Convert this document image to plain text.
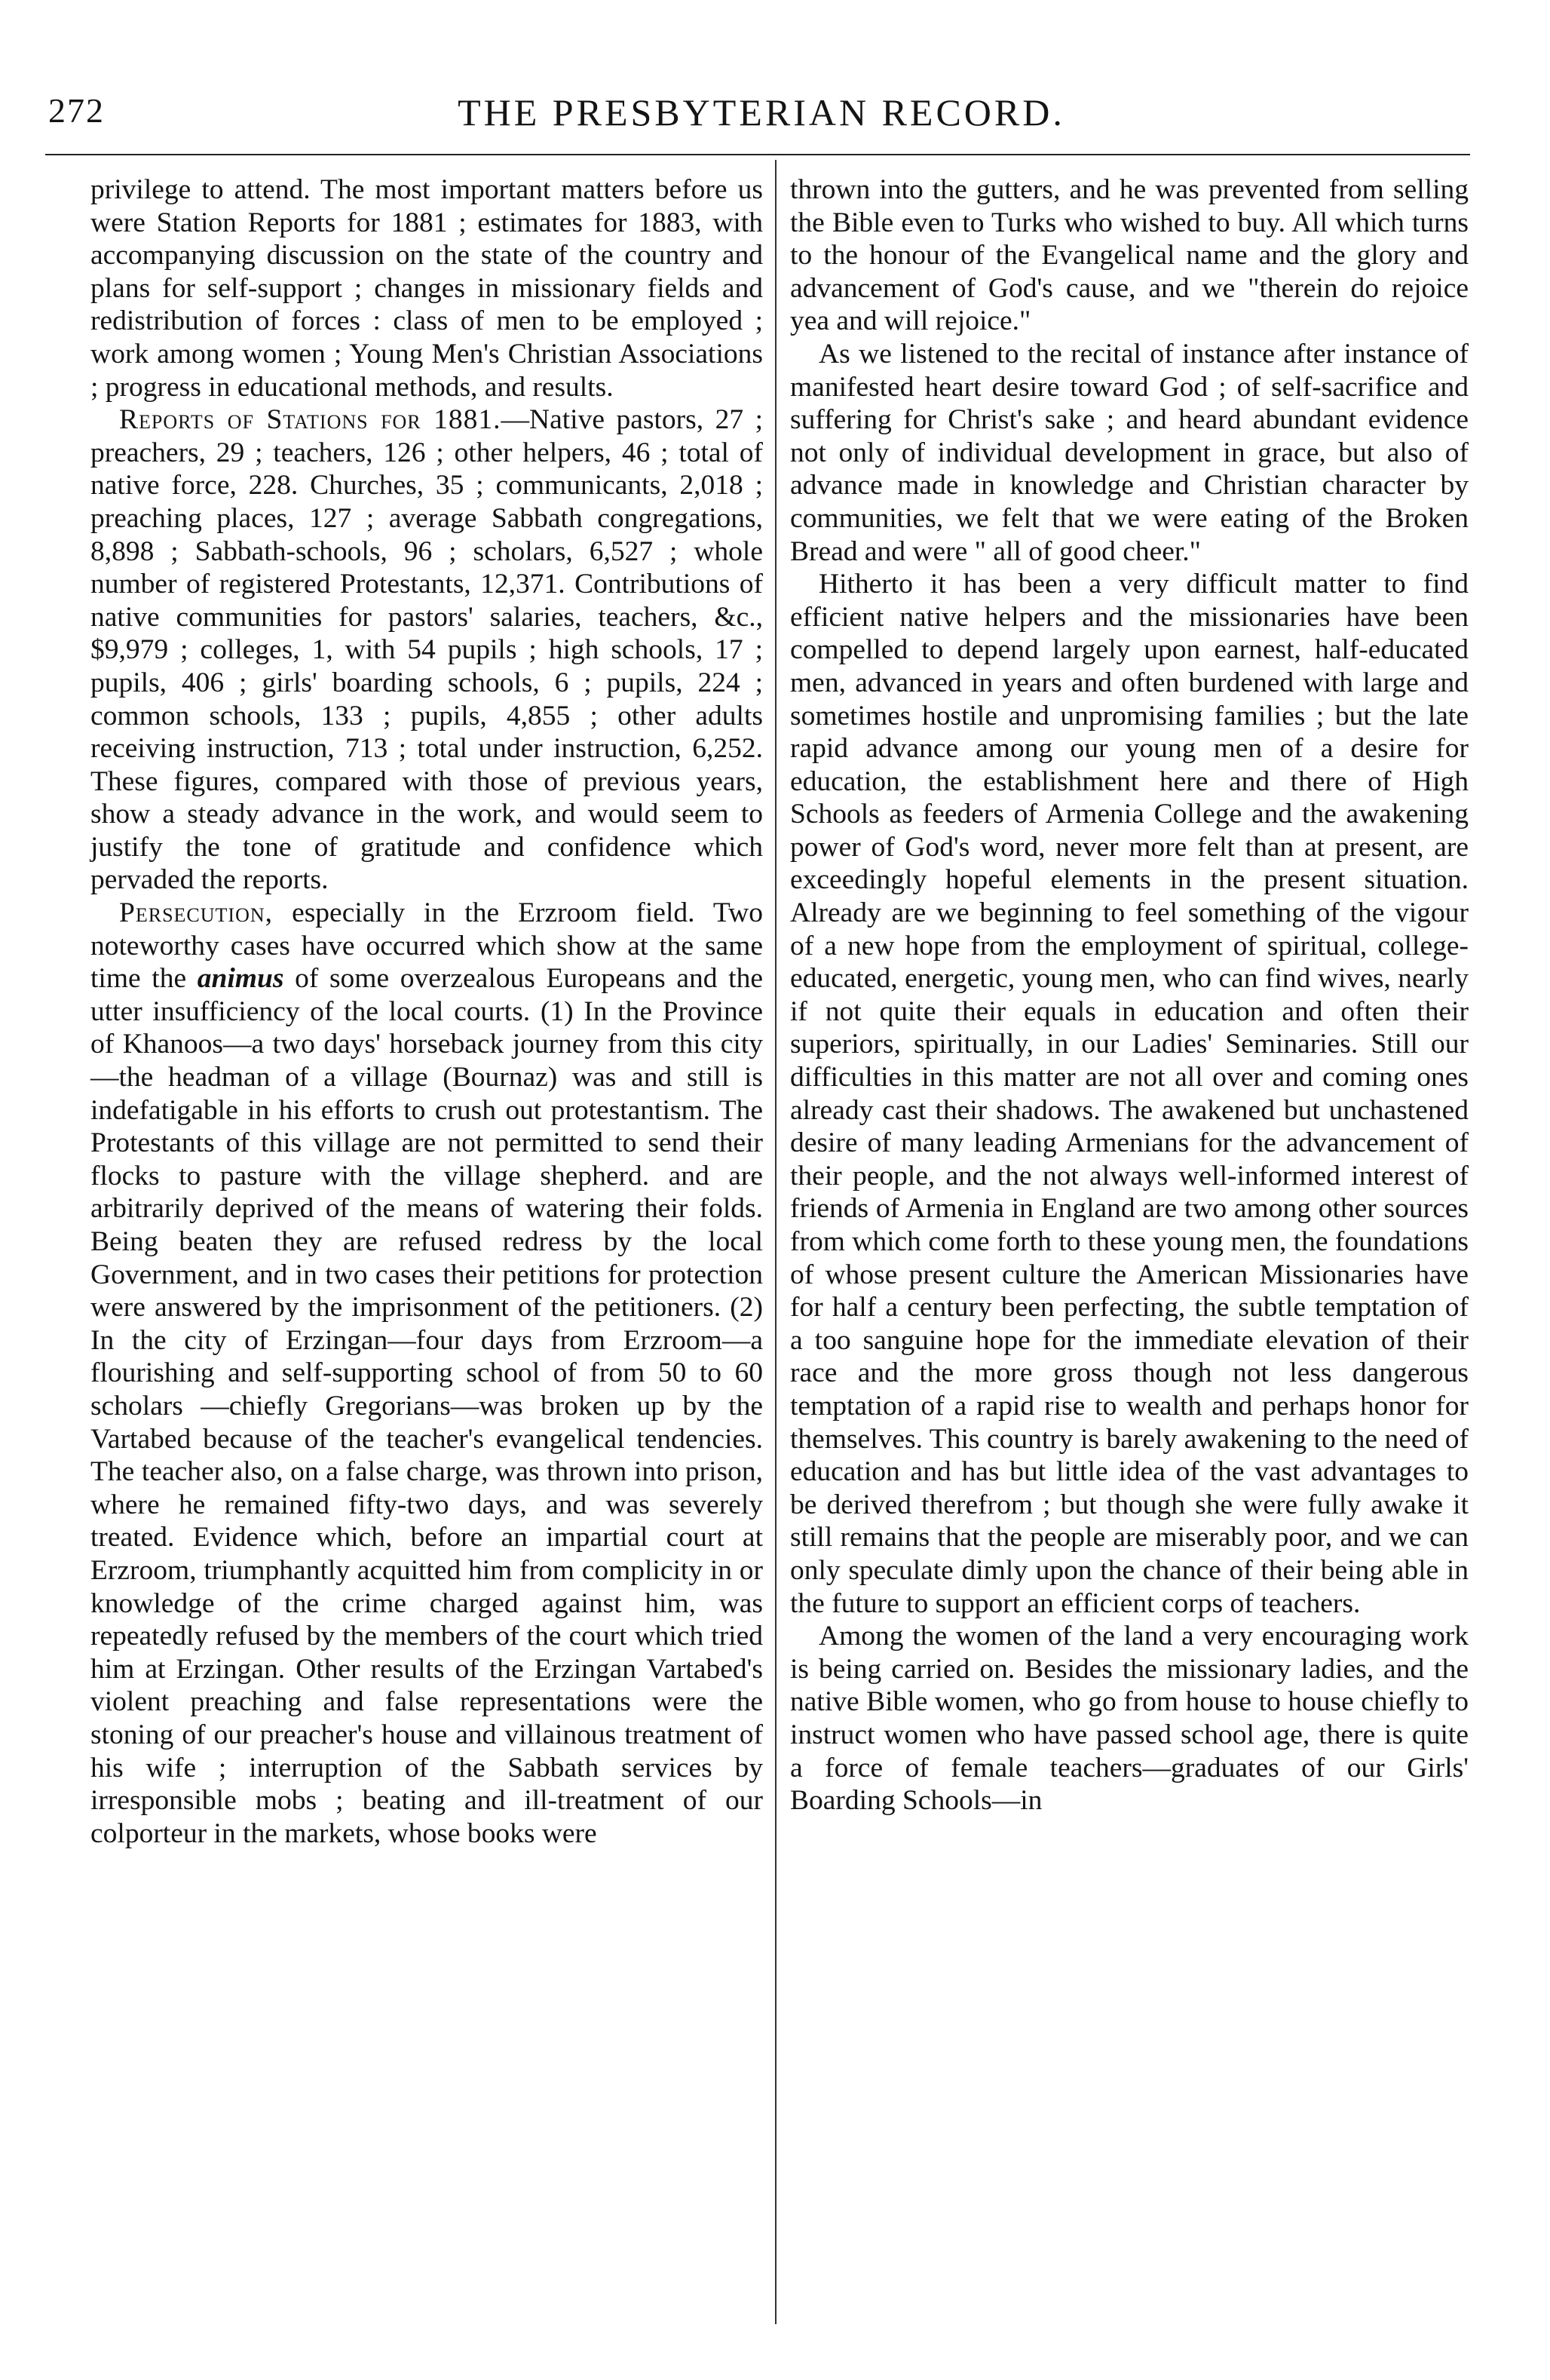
272	THE PRESBYTERIAN RECORD.

privilege to attend. The most important matters before us were Station Reports for 1881 ; estimates for 1883, with accompanying discussion on the state of the country and plans for self-support ; changes in missionary fields and redistribution of forces : class of men to be employed ; work among women ; Young Men's Christian Associations ; progress in educational methods, and results.

Reports of Stations for 1881.—Native pastors, 27 ; preachers, 29 ; teachers, 126 ; other helpers, 46 ; total of native force, 228. Churches, 35 ; communicants, 2,018 ; preaching places, 127 ; average Sabbath congregations, 8,898 ; Sabbath-schools, 96 ; scholars, 6,527 ; whole number of registered Protestants, 12,371. Contributions of native communities for pastors' salaries, teachers, &c., $9,979 ; colleges, 1, with 54 pupils ; high schools, 17 ; pupils, 406 ; girls' boarding schools, 6 ; pupils, 224 ; common schools, 133 ; pupils, 4,855 ; other adults receiving instruction, 713 ; total under instruction, 6,252. These figures, compared with those of previous years, show a steady advance in the work, and would seem to justify the tone of gratitude and confidence which pervaded the reports.

Persecution, especially in the Erzroom field. Two noteworthy cases have occurred which show at the same time the animus of some overzealous Europeans and the utter insufficiency of the local courts. (1) In the Province of Khanoos—a two days' horseback journey from this city—the headman of a village (Bournaz) was and still is indefatigable in his efforts to crush out protestantism. The Protestants of this village are not permitted to send their flocks to pasture with the village shepherd. and are arbitrarily deprived of the means of watering their folds. Being beaten they are refused redress by the local Government, and in two cases their petitions for protection were answered by the imprisonment of the petitioners. (2) In the city of Erzingan—four days from Erzroom—a flourishing and self-supporting school of from 50 to 60 scholars —chiefly Gregorians—was broken up by the Vartabed because of the teacher's evangelical tendencies. The teacher also, on a false charge, was thrown into prison, where he remained fifty-two days, and was severely treated. Evidence which, before an impartial court at Erzroom, triumphantly acquitted him from complicity in or knowledge of the crime charged against him, was repeatedly refused by the members of the court which tried him at Erzingan. Other results of the Erzingan Vartabed's violent preaching and false representations were the stoning of our preacher's house and villainous treatment of his wife ; interruption of the Sabbath services by irresponsible mobs ; beating and ill-treatment of our colporteur in the markets, whose books were

thrown into the gutters, and he was prevented from selling the Bible even to Turks who wished to buy. All which turns to the honour of the Evangelical name and the glory and advancement of God's cause, and we "therein do rejoice yea and will rejoice."

As we listened to the recital of instance after instance of manifested heart desire toward God ; of self-sacrifice and suffering for Christ's sake ; and heard abundant evidence not only of individual development in grace, but also of advance made in knowledge and Christian character by communities, we felt that we were eating of the Broken Bread and were " all of good cheer."

Hitherto it has been a very difficult matter to find efficient native helpers and the missionaries have been compelled to depend largely upon earnest, half-educated men, advanced in years and often burdened with large and sometimes hostile and unpromising families ; but the late rapid advance among our young men of a desire for education, the establishment here and there of High Schools as feeders of Armenia College and the awakening power of God's word, never more felt than at present, are exceedingly hopeful elements in the present situation. Already are we beginning to feel something of the vigour of a new hope from the employment of spiritual, college-educated, energetic, young men, who can find wives, nearly if not quite their equals in education and often their superiors, spiritually, in our Ladies' Seminaries. Still our difficulties in this matter are not all over and coming ones already cast their shadows. The awakened but unchastened desire of many leading Armenians for the advancement of their people, and the not always well-informed interest of friends of Armenia in England are two among other sources from which come forth to these young men, the foundations of whose present culture the American Missionaries have for half a century been perfecting, the subtle temptation of a too sanguine hope for the immediate elevation of their race and the more gross though not less dangerous temptation of a rapid rise to wealth and perhaps honor for themselves. This country is barely awakening to the need of education and has but little idea of the vast advantages to be derived therefrom ; but though she were fully awake it still remains that the people are miserably poor, and we can only speculate dimly upon the chance of their being able in the future to support an efficient corps of teachers.

Among the women of the land a very encouraging work is being carried on. Besides the missionary ladies, and the native Bible women, who go from house to house chiefly to instruct women who have passed school age, there is quite a force of female teachers—graduates of our Girls' Boarding Schools—in
